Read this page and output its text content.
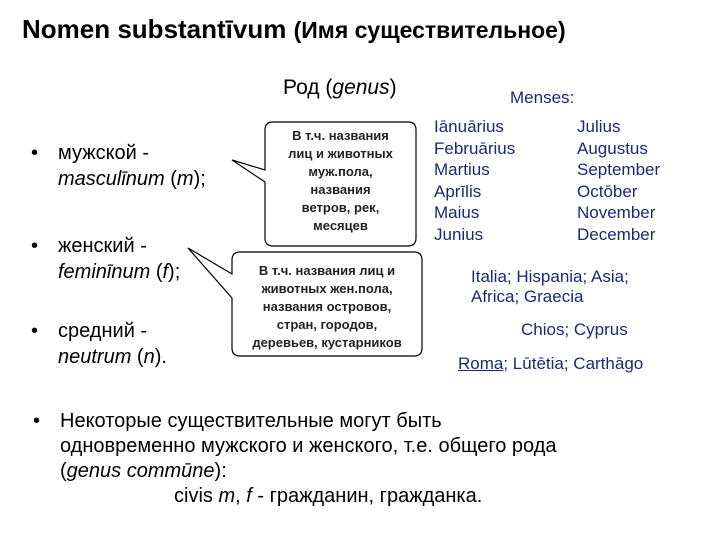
Nomen substantīvum (Имя существительное)
Род (genus)	Menses:
• мужской -
masculīnum (m);
• женский -
feminīnum (f);
• средний -
neutrum (n).
В т.ч. названия
лиц и животных
муж.пола,
названия
ветров, рек,
месяцев
В т.ч. названия лиц и
животных жен.пола,
названия островов,
стран, городов,
деревьев, кустарников
Iānuārius
Februārius
Martius
Aprīlis
Maius
Junius
Julius
Augustus
September
Octōber
November
December
Italia; Hispania; Asia;
Africa; Graecia
Chios; Cyprus
Roma; Lūtētia; Carthāgo
• Некоторые существительные могут быть
одновременно мужского и женского, т.е. общего рода
(genus commūne):
civis m, f - гражданин, гражданка.
